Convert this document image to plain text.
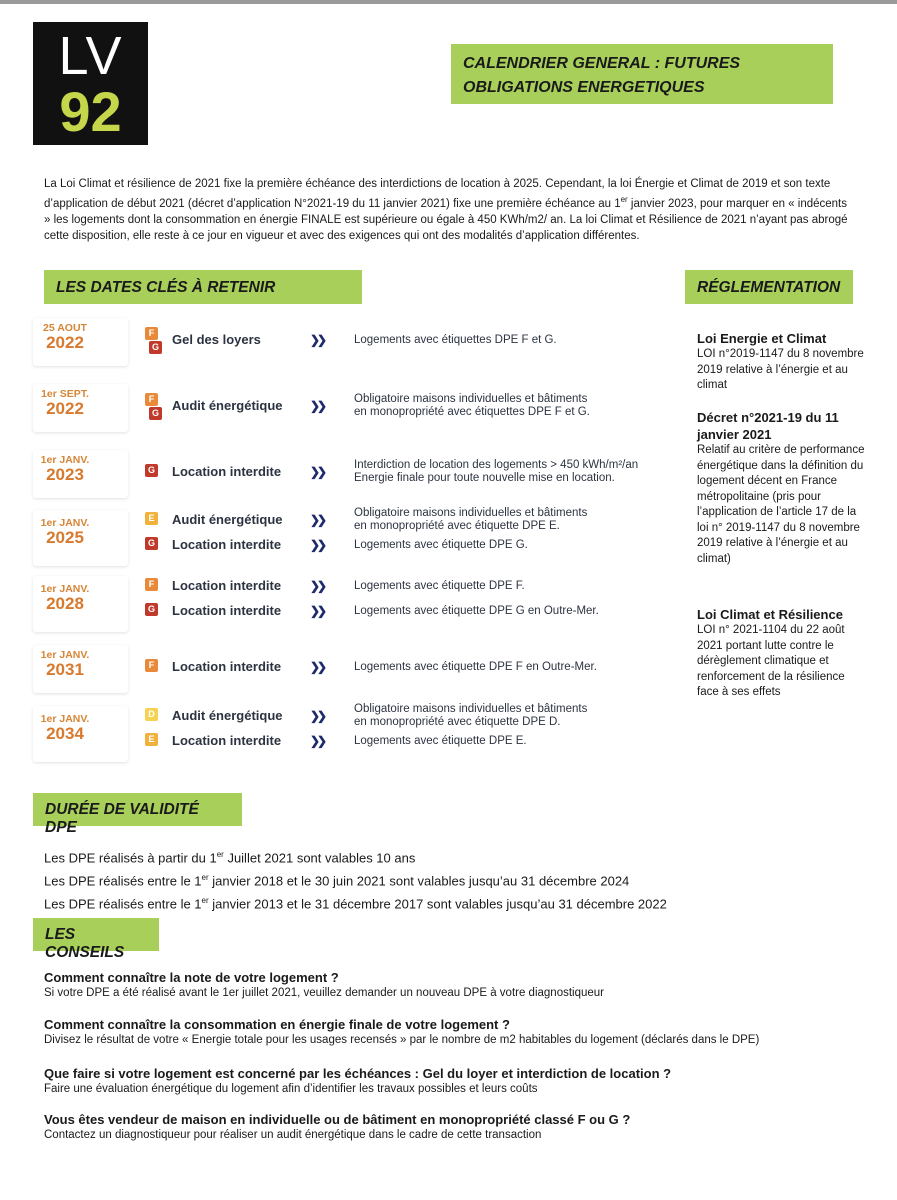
LV
92
CALENDRIER GENERAL : FUTURES
OBLIGATIONS ENERGETIQUES
La Loi Climat et résilience de 2021 fixe la première échéance des interdictions de location à 2025. Cependant, la loi Énergie et Climat de 2019 et son texte d’application de début 2021 (décret d’application N°2021-19 du 11 janvier 2021) fixe une première échéance au 1er janvier 2023, pour marquer en « indécents » les logements dont la consommation en énergie FINALE est supérieure ou égale à 450 KWh/m2/ an. La loi Climat et Résilience de 2021 n’ayant pas abrogé cette disposition, elle reste à ce jour en vigueur et avec des exigences qui ont des modalités d’application différentes.
LES DATES CLÉS À RETENIR	RÉGLEMENTATION
25 AOUT
2022	F
G Gel des loyers	❯❯	Logements avec étiquettes DPE F et G.
1er SEPT.
2022	F
G Audit énergétique ❯❯	Obligatoire maisons individuelles et bâtiments
en monopropriété avec étiquettes DPE F et G.
1er JANV.
2023	G Location interdite ❯❯	Interdiction de location des logements > 450 kWh/m²/an
Energie finale pour toute nouvelle mise en location.
1er JANV.
2025
E Audit énergétique ❯❯	Obligatoire maisons individuelles et bâtiments
en monopropriété avec étiquette DPE E.
G Location interdite ❯❯	Logements avec étiquette DPE G.
1er JANV.
2028
F Location interdite ❯❯	Logements avec étiquette DPE F.
G Location interdite ❯❯	Logements avec étiquette DPE G en Outre-Mer.
1er JANV.
2031	F Location interdite ❯❯	Logements avec étiquette DPE F en Outre-Mer.
1er JANV.
2034
D Audit énergétique ❯❯	Obligatoire maisons individuelles et bâtiments
en monopropriété avec étiquette DPE D.
E Location interdite ❯❯	Logements avec étiquette DPE E.
Loi Energie et Climat
LOI n°2019-1147 du 8 novembre 2019 relative à l’énergie et au climat
Décret n°2021-19 du 11 janvier 2021
Relatif au critère de performance énergétique dans la définition du logement décent en France métropolitaine (pris pour l’application de l’article 17 de la loi n° 2019-1147 du 8 novembre 2019 relative à l’énergie et au climat)
Loi Climat et Résilience
LOI n° 2021-1104 du 22 août 2021 portant lutte contre le dérèglement climatique et renforcement de la résilience face à ses effets
DURÉE DE VALIDITÉ DPE
Les DPE réalisés à partir du 1er Juillet 2021 sont valables 10 ans
Les DPE réalisés entre le 1er janvier 2018 et le 30 juin 2021 sont valables jusqu’au 31 décembre 2024
Les DPE réalisés entre le 1er janvier 2013 et le 31 décembre 2017 sont valables jusqu’au 31 décembre 2022
LES CONSEILS
Comment connaître la note de votre logement ?
Si votre DPE a été réalisé avant le 1er juillet 2021, veuillez demander un nouveau DPE à votre diagnostiqueur
Comment connaître la consommation en énergie finale de votre logement ?
Divisez le résultat de votre « Energie totale pour les usages recensés » par le nombre de m2 habitables du logement (déclarés dans le DPE)
Que faire si votre logement est concerné par les échéances : Gel du loyer et interdiction de location ?
Faire une évaluation énergétique du logement afin d’identifier les travaux possibles et leurs coûts
Vous êtes vendeur de maison en individuelle ou de bâtiment en monopropriété classé F ou G ?
Contactez un diagnostiqueur pour réaliser un audit énergétique dans le cadre de cette transaction
